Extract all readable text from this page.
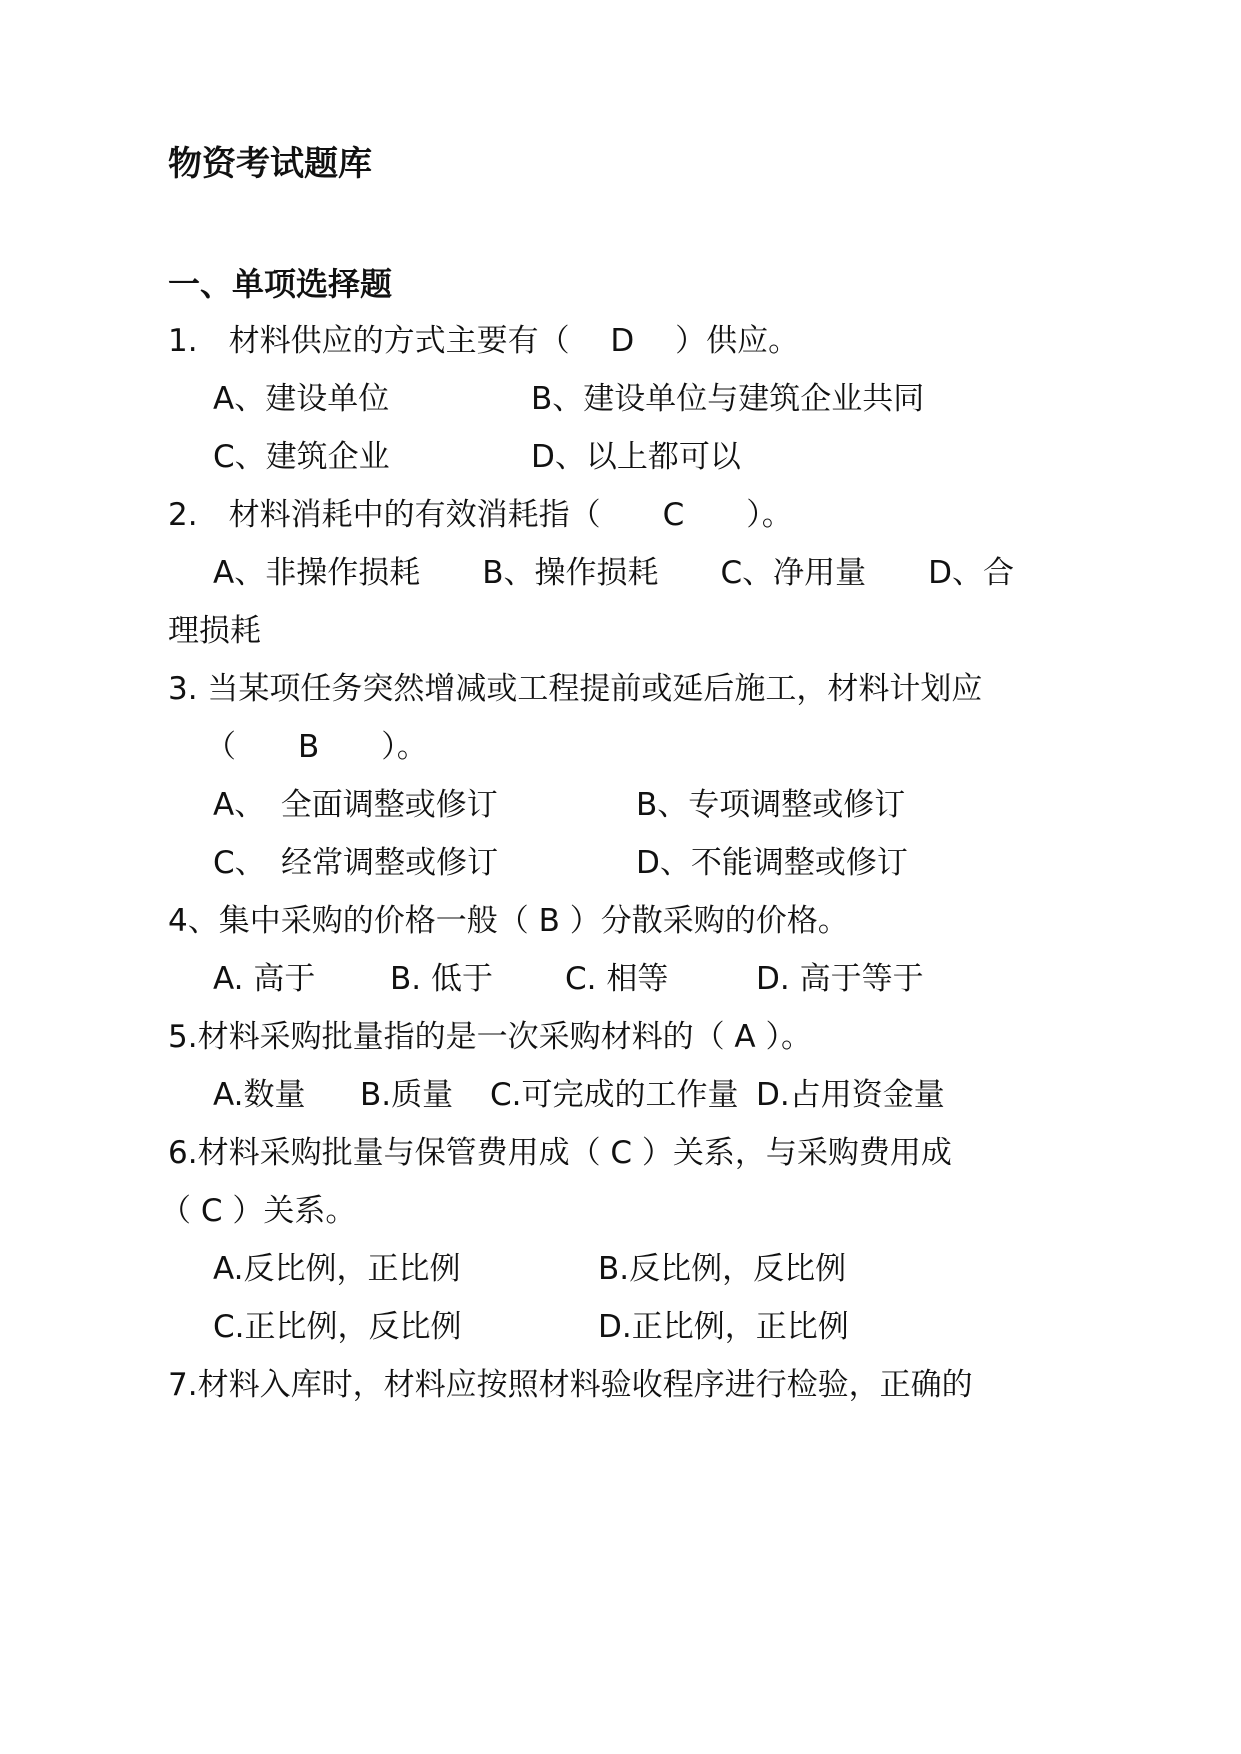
物资考试题库
一、单项选择题
1.　材料供应的方式主要有（　 D　 ）供应。
A、建设单位	B、建设单位与建筑企业共同
C、建筑企业	D、以上都可以
2.　材料消耗中的有效消耗指（　　C　　）。
A、非操作损耗　　B、操作损耗　　C、净用量　　D、合
理损耗
3. 当某项任务突然增减或工程提前或延后施工，材料计划应
（　　B　　）。
A、　全面调整或修订	B、专项调整或修订
C、　经常调整或修订	D、不能调整或修订
4、集中采购的价格一般（ B ）分散采购的价格。
A. 高于 B. 低于 C. 相等	D. 高于等于
5.材料采购批量指的是一次采购材料的（ A ）。
A.数量 B.质量 C.可完成的工作量 D.占用资金量
6.材料采购批量与保管费用成（ C ）关系，与采购费用成
（ C ）关系。
A.反比例，正比例	B.反比例，反比例
C.正比例，反比例	D.正比例，正比例
7.材料入库时，材料应按照材料验收程序进行检验，正确的
